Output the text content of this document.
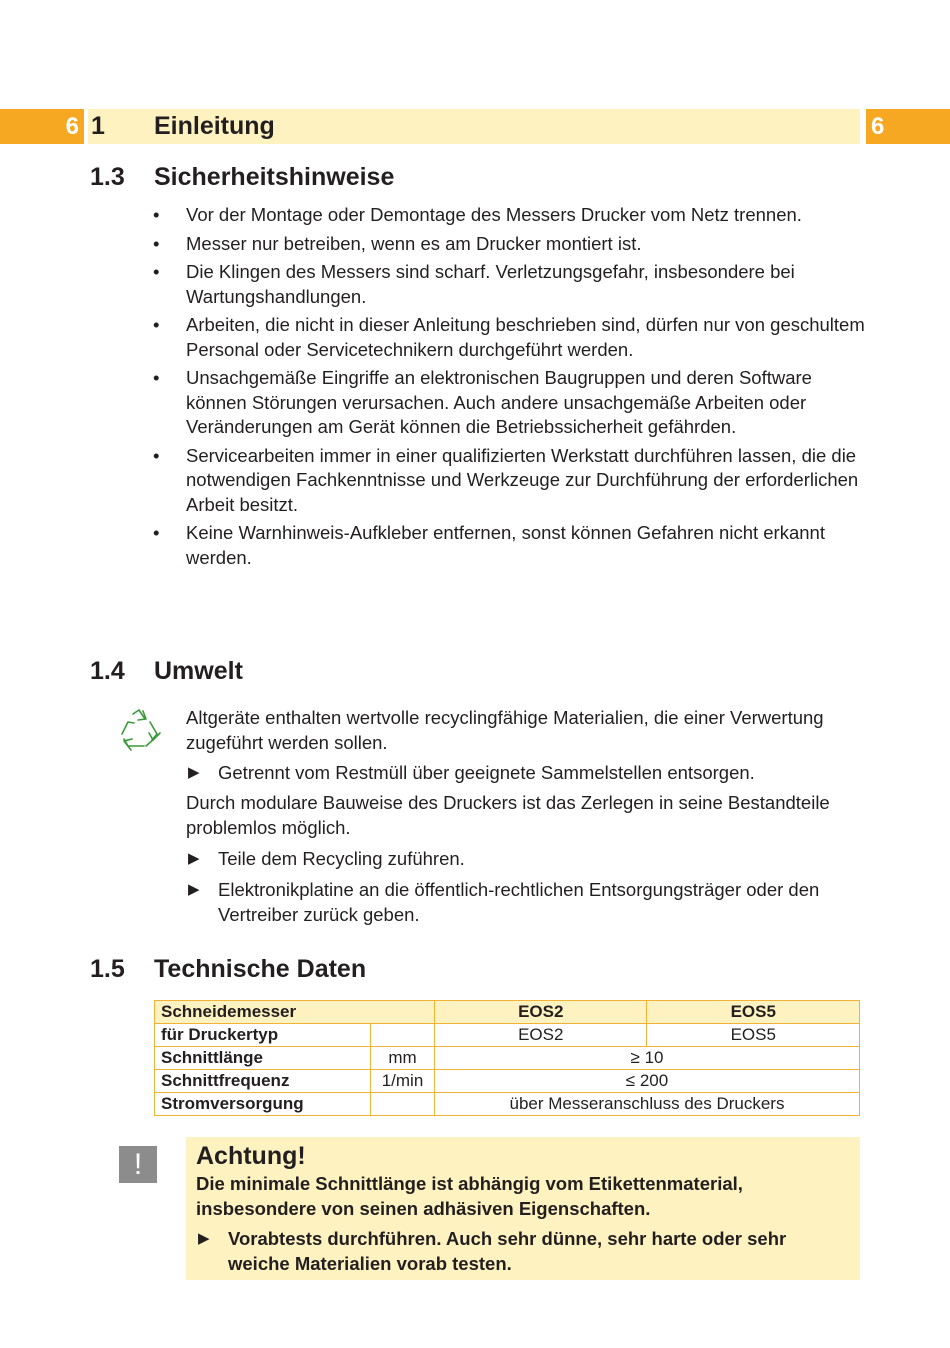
6	6
1 Einleitung
1.3 Sicherheitshinweise
• Vor der Montage oder Demontage des Messers Drucker vom Netz trennen.
• Messer nur betreiben, wenn es am Drucker montiert ist.
• Die Klingen des Messers sind scharf. Verletzungsgefahr, insbesondere bei Wartungshandlungen.
• Arbeiten, die nicht in dieser Anleitung beschrieben sind, dürfen nur von geschultem Personal oder Servicetechnikern durchgeführt werden.
• Unsachgemäße Eingriffe an elektronischen Baugruppen und deren Software können Störungen verursachen. Auch andere unsachgemäße Arbeiten oder Veränderungen am Gerät können die Betriebssicherheit gefährden.
• Servicearbeiten immer in einer qualifizierten Werkstatt durchführen lassen, die die notwendigen Fachkenntnisse und Werkzeuge zur Durchführung der erforderlichen Arbeit besitzt.
• Keine Warnhinweis-Aufkleber entfernen, sonst können Gefahren nicht erkannt werden.
1.4 Umwelt

Altgeräte enthalten wertvolle recyclingfähige Materialien, die einer Verwertung zugeführt werden sollen.

▶ Getrennt vom Restmüll über geeignete Sammelstellen entsorgen.

Durch modulare Bauweise des Druckers ist das Zerlegen in seine Bestandteile problemlos möglich.

▶ Teile dem Recycling zuführen.
▶ Elektronikplatine an die öffentlich-rechtlichen Entsorgungsträger oder den Vertreiber zurück geben.
1.5 Technische Daten
Schneidemesser		EOS2	EOS5
für Druckertyp		EOS2	EOS5
Schnittlänge	mm	≥ 10	
Schnittfrequenz	1/min	≤ 200	
Stromversorgung		über Messeranschluss des Druckers	
!	Achtung!
Die minimale Schnittlänge ist abhängig vom Etikettenmaterial, insbesondere von seinen adhäsiven Eigenschaften.
▶ Vorabtests durchführen. Auch sehr dünne, sehr harte oder sehr weiche Materialien vorab testen.
